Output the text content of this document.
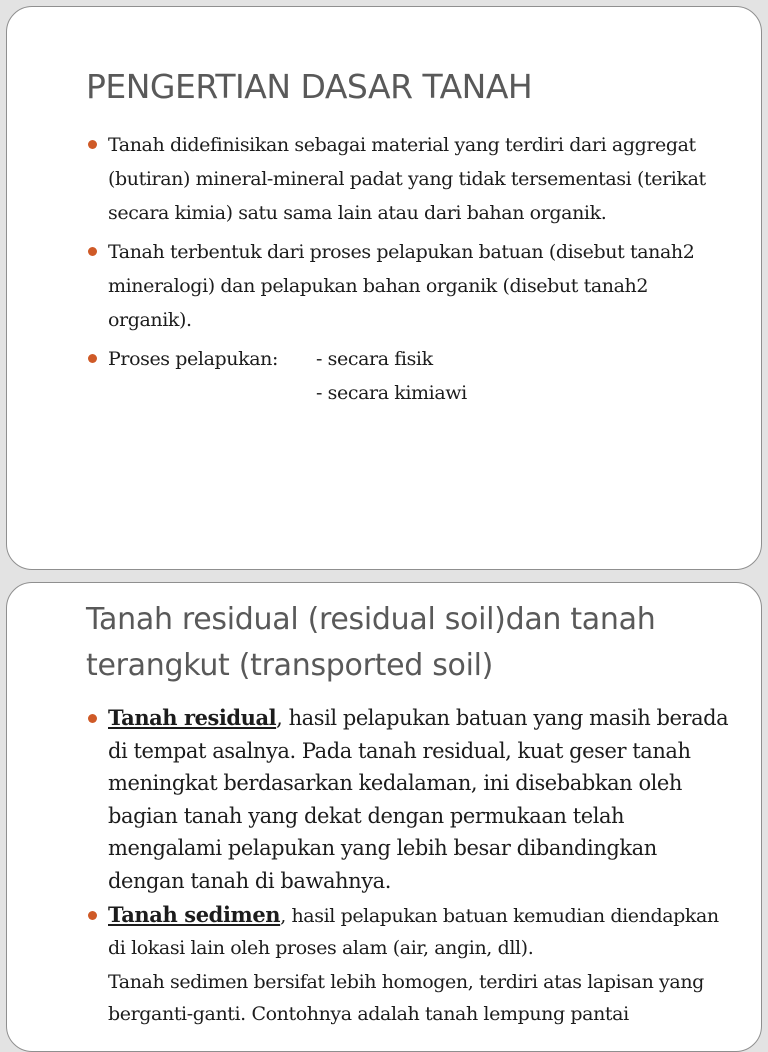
PENGERTIAN DASAR TANAH
Tanah didefinisikan sebagai material yang terdiri dari aggregat (butiran) mineral-mineral padat yang tidak tersementasi (terikat secara kimia) satu sama lain atau dari bahan organik.
Tanah terbentuk dari proses pelapukan batuan (disebut tanah2 mineralogi) dan pelapukan bahan organik (disebut tanah2 organik).
Proses pelapukan:	- secara fisik
- secara kimiawi
Tanah residual (residual soil)dan tanah terangkut (transported soil)
Tanah residual, hasil pelapukan batuan yang masih berada di tempat asalnya. Pada tanah residual, kuat geser tanah meningkat berdasarkan kedalaman, ini disebabkan oleh bagian tanah yang dekat dengan permukaan telah mengalami pelapukan yang lebih besar dibandingkan dengan tanah di bawahnya.
Tanah sedimen, hasil pelapukan batuan kemudian diendapkan di lokasi lain oleh proses alam (air, angin, dll).
Tanah sedimen bersifat lebih homogen, terdiri atas lapisan yang berganti-ganti. Contohnya adalah tanah lempung pantai
